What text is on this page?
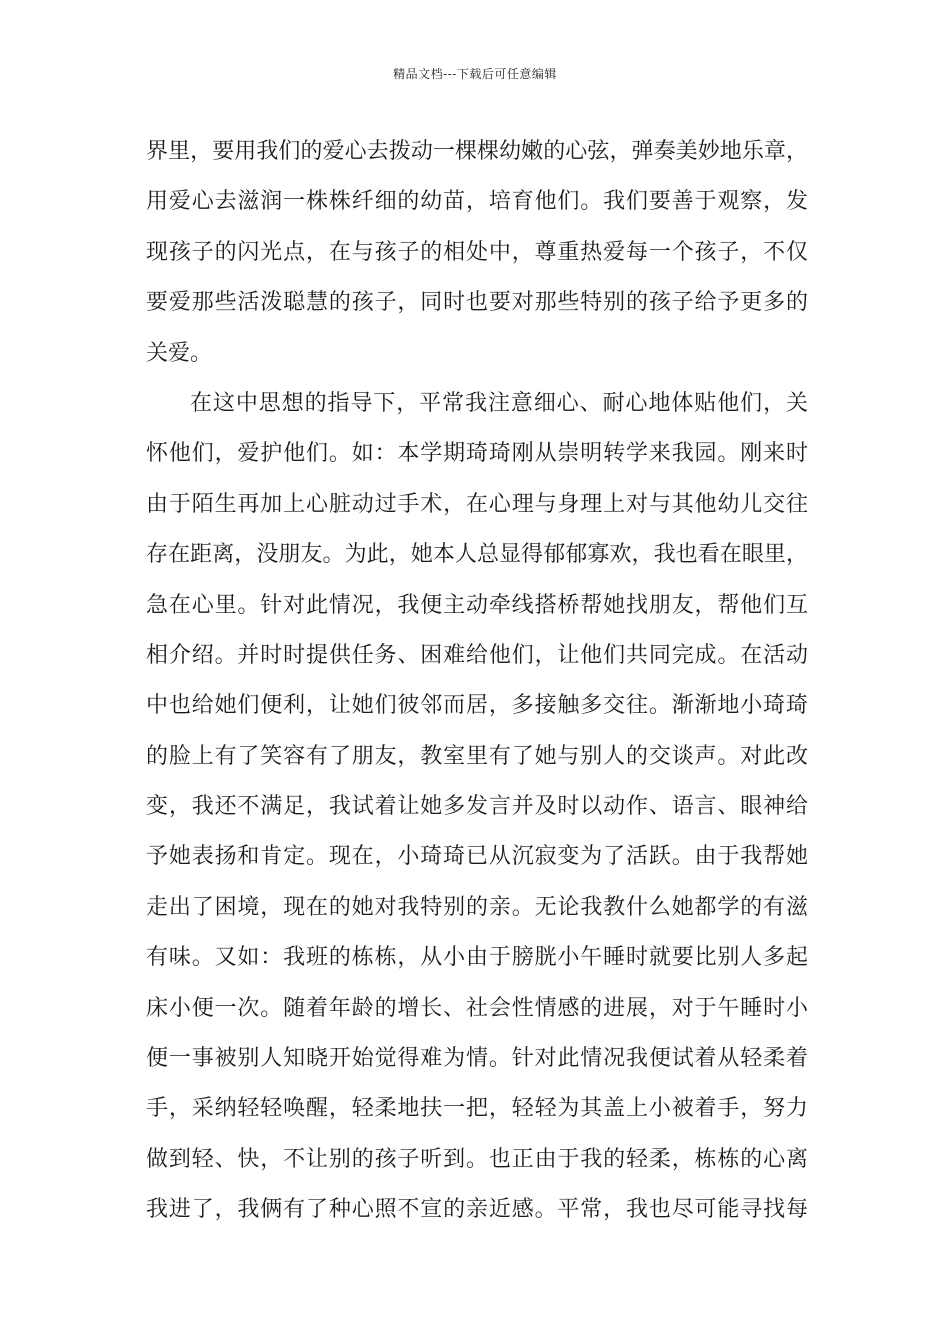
精品文档---下载后可任意编辑
界里，要用我们的爱心去拨动一棵棵幼嫩的心弦，弹奏美妙地乐章，
用爱心去滋润一株株纤细的幼苗，培育他们。我们要善于观察，发
现孩子的闪光点，在与孩子的相处中，尊重热爱每一个孩子，不仅
要爱那些活泼聪慧的孩子，同时也要对那些特别的孩子给予更多的
关爱。
在这中思想的指导下，平常我注意细心、耐心地体贴他们，关
怀他们，爱护他们。如：本学期琦琦刚从崇明转学来我园。刚来时
由于陌生再加上心脏动过手术，在心理与身理上对与其他幼儿交往
存在距离，没朋友。为此，她本人总显得郁郁寡欢，我也看在眼里，
急在心里。针对此情况，我便主动牵线搭桥帮她找朋友，帮他们互
相介绍。并时时提供任务、困难给他们，让他们共同完成。在活动
中也给她们便利，让她们彼邻而居，多接触多交往。渐渐地小琦琦
的脸上有了笑容有了朋友，教室里有了她与别人的交谈声。对此改
变，我还不满足，我试着让她多发言并及时以动作、语言、眼神给
予她表扬和肯定。现在，小琦琦已从沉寂变为了活跃。由于我帮她
走出了困境，现在的她对我特别的亲。无论我教什么她都学的有滋
有味。又如：我班的栋栋，从小由于膀胱小午睡时就要比别人多起
床小便一次。随着年龄的增长、社会性情感的进展，对于午睡时小
便一事被别人知晓开始觉得难为情。针对此情况我便试着从轻柔着
手，采纳轻轻唤醒，轻柔地扶一把，轻轻为其盖上小被着手，努力
做到轻、快，不让别的孩子听到。也正由于我的轻柔，栋栋的心离
我进了，我俩有了种心照不宣的亲近感。平常，我也尽可能寻找每
